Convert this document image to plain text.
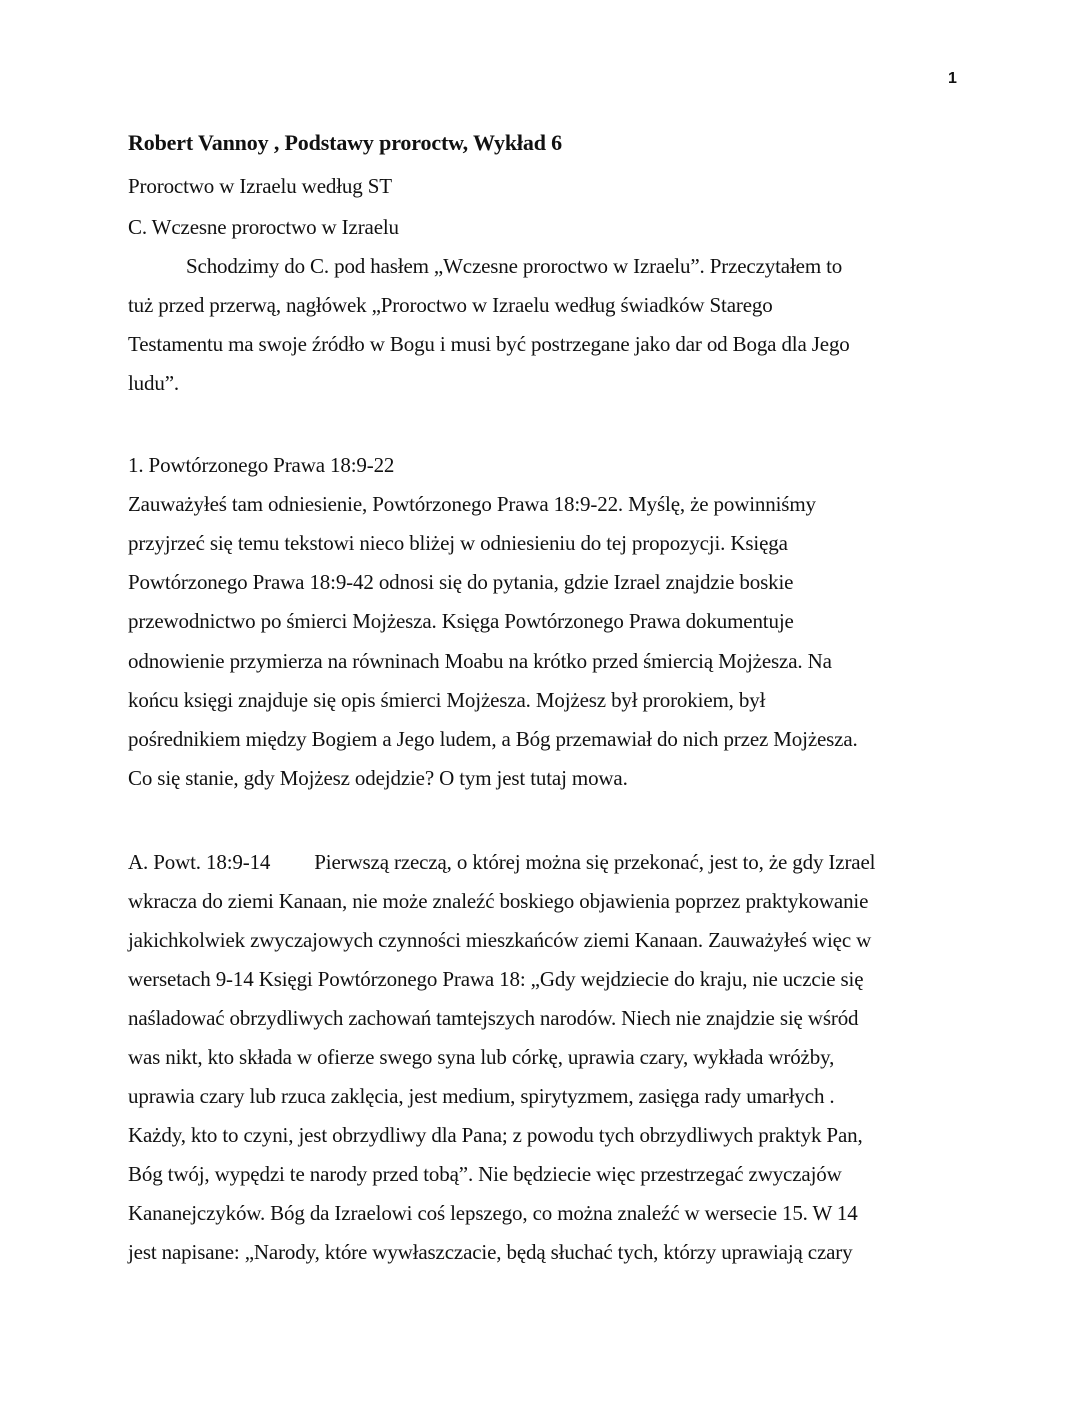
1
Robert Vannoy , Podstawy proroctw, Wykład 6
Proroctwo w Izraelu według ST
C. Wczesne proroctwo w Izraelu
Schodzimy do C. pod hasłem „Wczesne proroctwo w Izraelu”. Przeczytałem to
tuż przed przerwą, nagłówek „Proroctwo w Izraelu według świadków Starego
Testamentu ma swoje źródło w Bogu i musi być postrzegane jako dar od Boga dla Jego
ludu”.
1. Powtórzonego Prawa 18:9-22
Zauważyłeś tam odniesienie, Powtórzonego Prawa 18:9-22. Myślę, że powinniśmy
przyjrzeć się temu tekstowi nieco bliżej w odniesieniu do tej propozycji. Księga
Powtórzonego Prawa 18:9-42 odnosi się do pytania, gdzie Izrael znajdzie boskie
przewodnictwo po śmierci Mojżesza. Księga Powtórzonego Prawa dokumentuje
odnowienie przymierza na równinach Moabu na krótko przed śmiercią Mojżesza. Na
końcu księgi znajduje się opis śmierci Mojżesza. Mojżesz był prorokiem, był
pośrednikiem między Bogiem a Jego ludem, a Bóg przemawiał do nich przez Mojżesza.
Co się stanie, gdy Mojżesz odejdzie? O tym jest tutaj mowa.
A. Powt. 18:9-14 Pierwszą rzeczą, o której można się przekonać, jest to, że gdy Izrael
wkracza do ziemi Kanaan, nie może znaleźć boskiego objawienia poprzez praktykowanie
jakichkolwiek zwyczajowych czynności mieszkańców ziemi Kanaan. Zauważyłeś więc w
wersetach 9-14 Księgi Powtórzonego Prawa 18: „Gdy wejdziecie do kraju, nie uczcie się
naśladować obrzydliwych zachowań tamtejszych narodów. Niech nie znajdzie się wśród
was nikt, kto składa w ofierze swego syna lub córkę, uprawia czary, wykłada wróżby,
uprawia czary lub rzuca zaklęcia, jest medium, spirytyzmem, zasięga rady umarłych .
Każdy, kto to czyni, jest obrzydliwy dla Pana; z powodu tych obrzydliwych praktyk Pan,
Bóg twój, wypędzi te narody przed tobą”. Nie będziecie więc przestrzegać zwyczajów
Kananejczyków. Bóg da Izraelowi coś lepszego, co można znaleźć w wersecie 15. W 14
jest napisane: „Narody, które wywłaszczacie, będą słuchać tych, którzy uprawiają czary
